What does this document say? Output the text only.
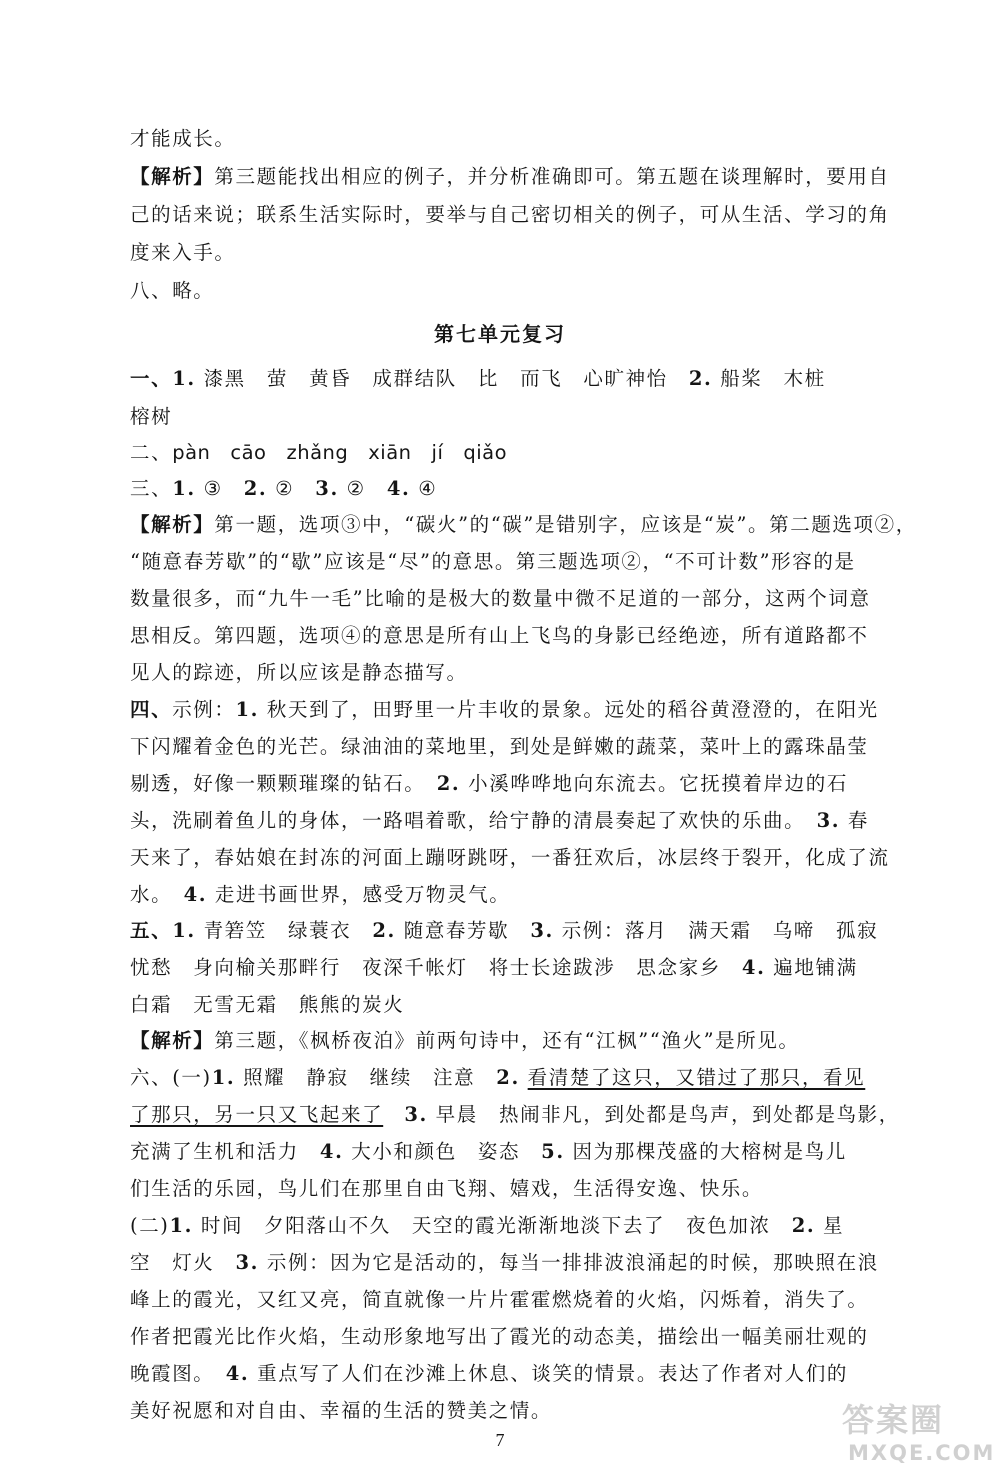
才能成长。
【解析】第三题能找出相应的例子，并分析准确即可。第五题在谈理解时，要用自
己的话来说；联系生活实际时，要举与自己密切相关的例子，可从生活、学习的角
度来入手。
八、略。
第七单元复习
一、1. 漆黑　萤　黄昏　成群结队　比　而飞　心旷神怡　2. 船桨　木桩
榕树
二、pàn　cāo　zhǎng　xiān　jí　qiǎo
三、1. ③　2. ②　3. ②　4. ④
【解析】第一题，选项③中，“碳火”的“碳”是错别字，应该是“炭”。第二题选项②，
“随意春芳歇”的“歇”应该是“尽”的意思。第三题选项②，“不可计数”形容的是
数量很多，而“九牛一毛”比喻的是极大的数量中微不足道的一部分，这两个词意
思相反。第四题，选项④的意思是所有山上飞鸟的身影已经绝迹，所有道路都不
见人的踪迹，所以应该是静态描写。
四、示例：1. 秋天到了，田野里一片丰收的景象。远处的稻谷黄澄澄的，在阳光
下闪耀着金色的光芒。绿油油的菜地里，到处是鲜嫩的蔬菜，菜叶上的露珠晶莹
剔透，好像一颗颗璀璨的钻石。　2. 小溪哗哗地向东流去。它抚摸着岸边的石
头，洗刷着鱼儿的身体，一路唱着歌，给宁静的清晨奏起了欢快的乐曲。　3. 春
天来了，春姑娘在封冻的河面上蹦呀跳呀，一番狂欢后，冰层终于裂开，化成了流
水。　4. 走进书画世界，感受万物灵气。
五、1. 青箬笠　绿蓑衣　2. 随意春芳歇　3. 示例：落月　满天霜　乌啼　孤寂
忧愁　身向榆关那畔行　夜深千帐灯　将士长途跋涉　思念家乡　4. 遍地铺满
白霜　无雪无霜　熊熊的炭火
【解析】第三题，《枫桥夜泊》前两句诗中，还有“江枫”“渔火”是所见。
六、(一)1. 照耀　静寂　继续　注意　2. 看清楚了这只，又错过了那只，看见
了那只，另一只又飞起来了　 3. 早晨　热闹非凡，到处都是鸟声，到处都是鸟影，
充满了生机和活力　4. 大小和颜色　姿态　5. 因为那棵茂盛的大榕树是鸟儿
们生活的乐园，鸟儿们在那里自由飞翔、嬉戏，生活得安逸、快乐。
(二)1. 时间　夕阳落山不久　天空的霞光渐渐地淡下去了　夜色加浓　2. 星
空　灯火　3. 示例：因为它是活动的，每当一排排波浪涌起的时候，那映照在浪
峰上的霞光，又红又亮，简直就像一片片霍霍燃烧着的火焰，闪烁着，消失了。
作者把霞光比作火焰，生动形象地写出了霞光的动态美，描绘出一幅美丽壮观的
晚霞图。　4. 重点写了人们在沙滩上休息、谈笑的情景。表达了作者对人们的
美好祝愿和对自由、幸福的生活的赞美之情。
7
答案圈
MXQE.COM
